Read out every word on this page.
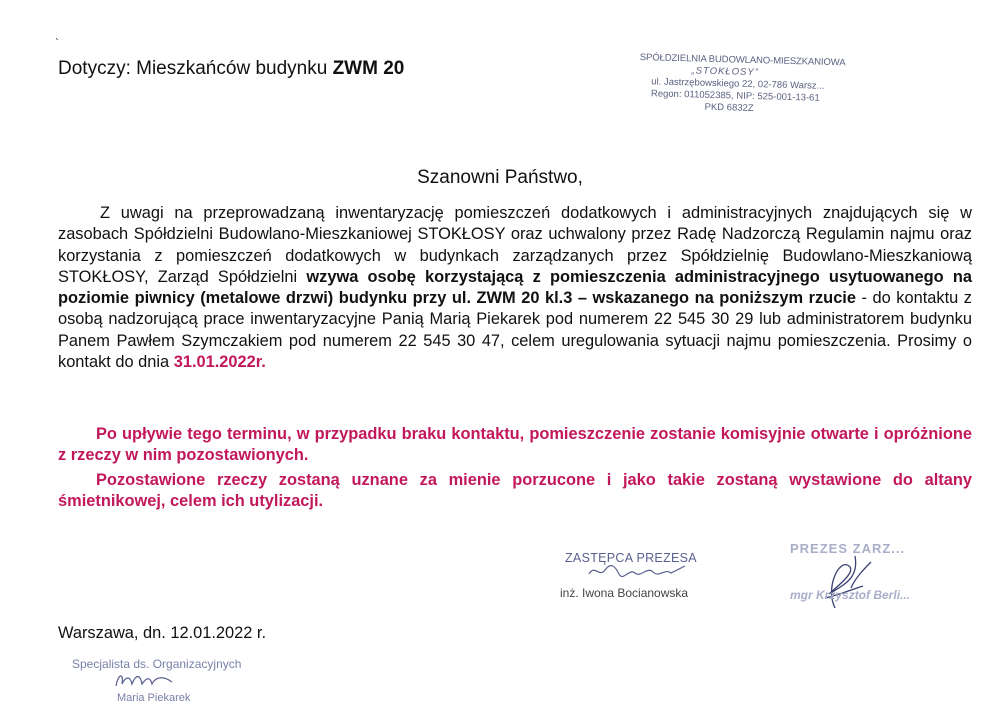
`
Dotyczy: Mieszkańców budynku ZWM 20	SPÓŁDZIELNIA BUDOWLANO-MIESZKANIOWA
„STOKŁOSY”
ul. Jastrzębowskiego 22, 02-786 Warsz...
Regon: 011052385, NIP: 525-001-13-61
PKD 6832Z
Szanowni Państwo,
Z uwagi na przeprowadzaną inwentaryzację pomieszczeń dodatkowych i administracyjnych znajdujących się w zasobach Spółdzielni Budowlano-Mieszkaniowej STOKŁOSY oraz uchwalony przez Radę Nadzorczą Regulamin najmu oraz korzystania z pomieszczeń dodatkowych w budynkach zarządzanych przez Spółdzielnię Budowlano-Mieszkaniową STOKŁOSY, Zarząd Spółdzielni wzywa osobę korzystającą z pomieszczenia administracyjnego usytuowanego na poziomie piwnicy (metalowe drzwi) budynku przy ul. ZWM 20 kl.3 – wskazanego na poniższym rzucie - do kontaktu z osobą nadzorującą prace inwentaryzacyjne Panią Marią Piekarek pod numerem 22 545 30 29 lub administratorem budynku Panem Pawłem Szymczakiem pod numerem 22 545 30 47, celem uregulowania sytuacji najmu pomieszczenia. Prosimy o kontakt do dnia 31.01.2022r.
Po upływie tego terminu, w przypadku braku kontaktu, pomieszczenie zostanie komisyjnie otwarte i opróżnione z rzeczy w nim pozostawionych.
Pozostawione rzeczy zostaną uznane za mienie porzucone i jako takie zostaną wystawione do altany śmietnikowej, celem ich utylizacji.
ZASTĘPCA PREZESA
inż. Iwona Bocianowska
PREZES ZARZ...
mgr Krzysztof Berli...
Warszawa, dn. 12.01.2022 r.
Specjalista ds. Organizacyjnych
Maria Piekarek
